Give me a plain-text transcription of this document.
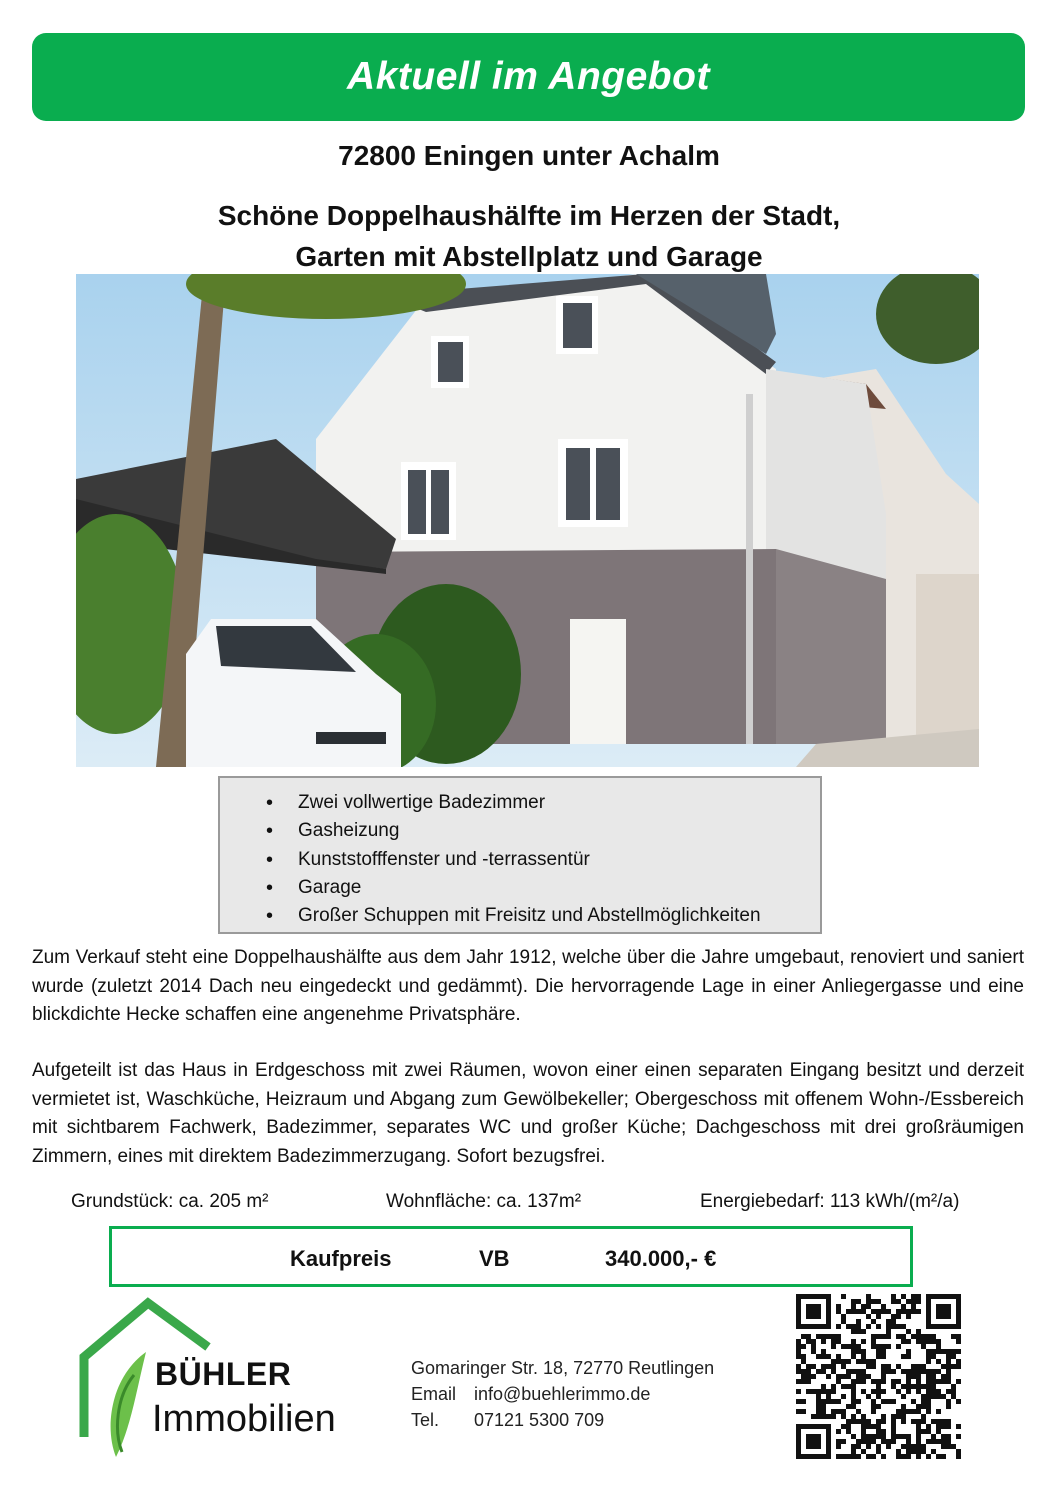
Aktuell im Angebot
72800 Eningen unter Achalm
Schöne Doppelhaushälfte im Herzen der Stadt,
Garten mit Abstellplatz und Garage
• Zwei vollwertige Badezimmer
• Gasheizung
• Kunststofffenster und -terrassentür
• Garage
• Großer Schuppen mit Freisitz und Abstellmöglichkeiten

Zum Verkauf steht eine Doppelhaushälfte aus dem Jahr 1912, welche über die Jahre umgebaut, renoviert und saniert wurde (zuletzt 2014 Dach neu eingedeckt und gedämmt). Die hervorragende Lage in einer Anliegergasse und eine blickdichte Hecke schaffen eine angenehme Privatsphäre.

Aufgeteilt ist das Haus in Erdgeschoss mit zwei Räumen, wovon einer einen separaten Eingang besitzt und derzeit vermietet ist, Waschküche, Heizraum und Abgang zum Gewölbekeller; Obergeschoss mit offenem Wohn-/Essbereich mit sichtbarem Fachwerk, Badezimmer, separates WC und großer Küche; Dachgeschoss mit drei großräumigen Zimmern, eines mit direktem Badezimmerzugang. Sofort bezugsfrei.

Grundstück: ca. 205 m²	Wohnfläche: ca. 137m²	Energiebedarf: 113 kWh/(m²/a)
Kaufpreis	VB	340.000,- €
BÜHLER
Immobilien
Gomaringer Str. 18, 72770 Reutlingen
Email info@buehlerimmo.de
Tel. 07121 5300 709
